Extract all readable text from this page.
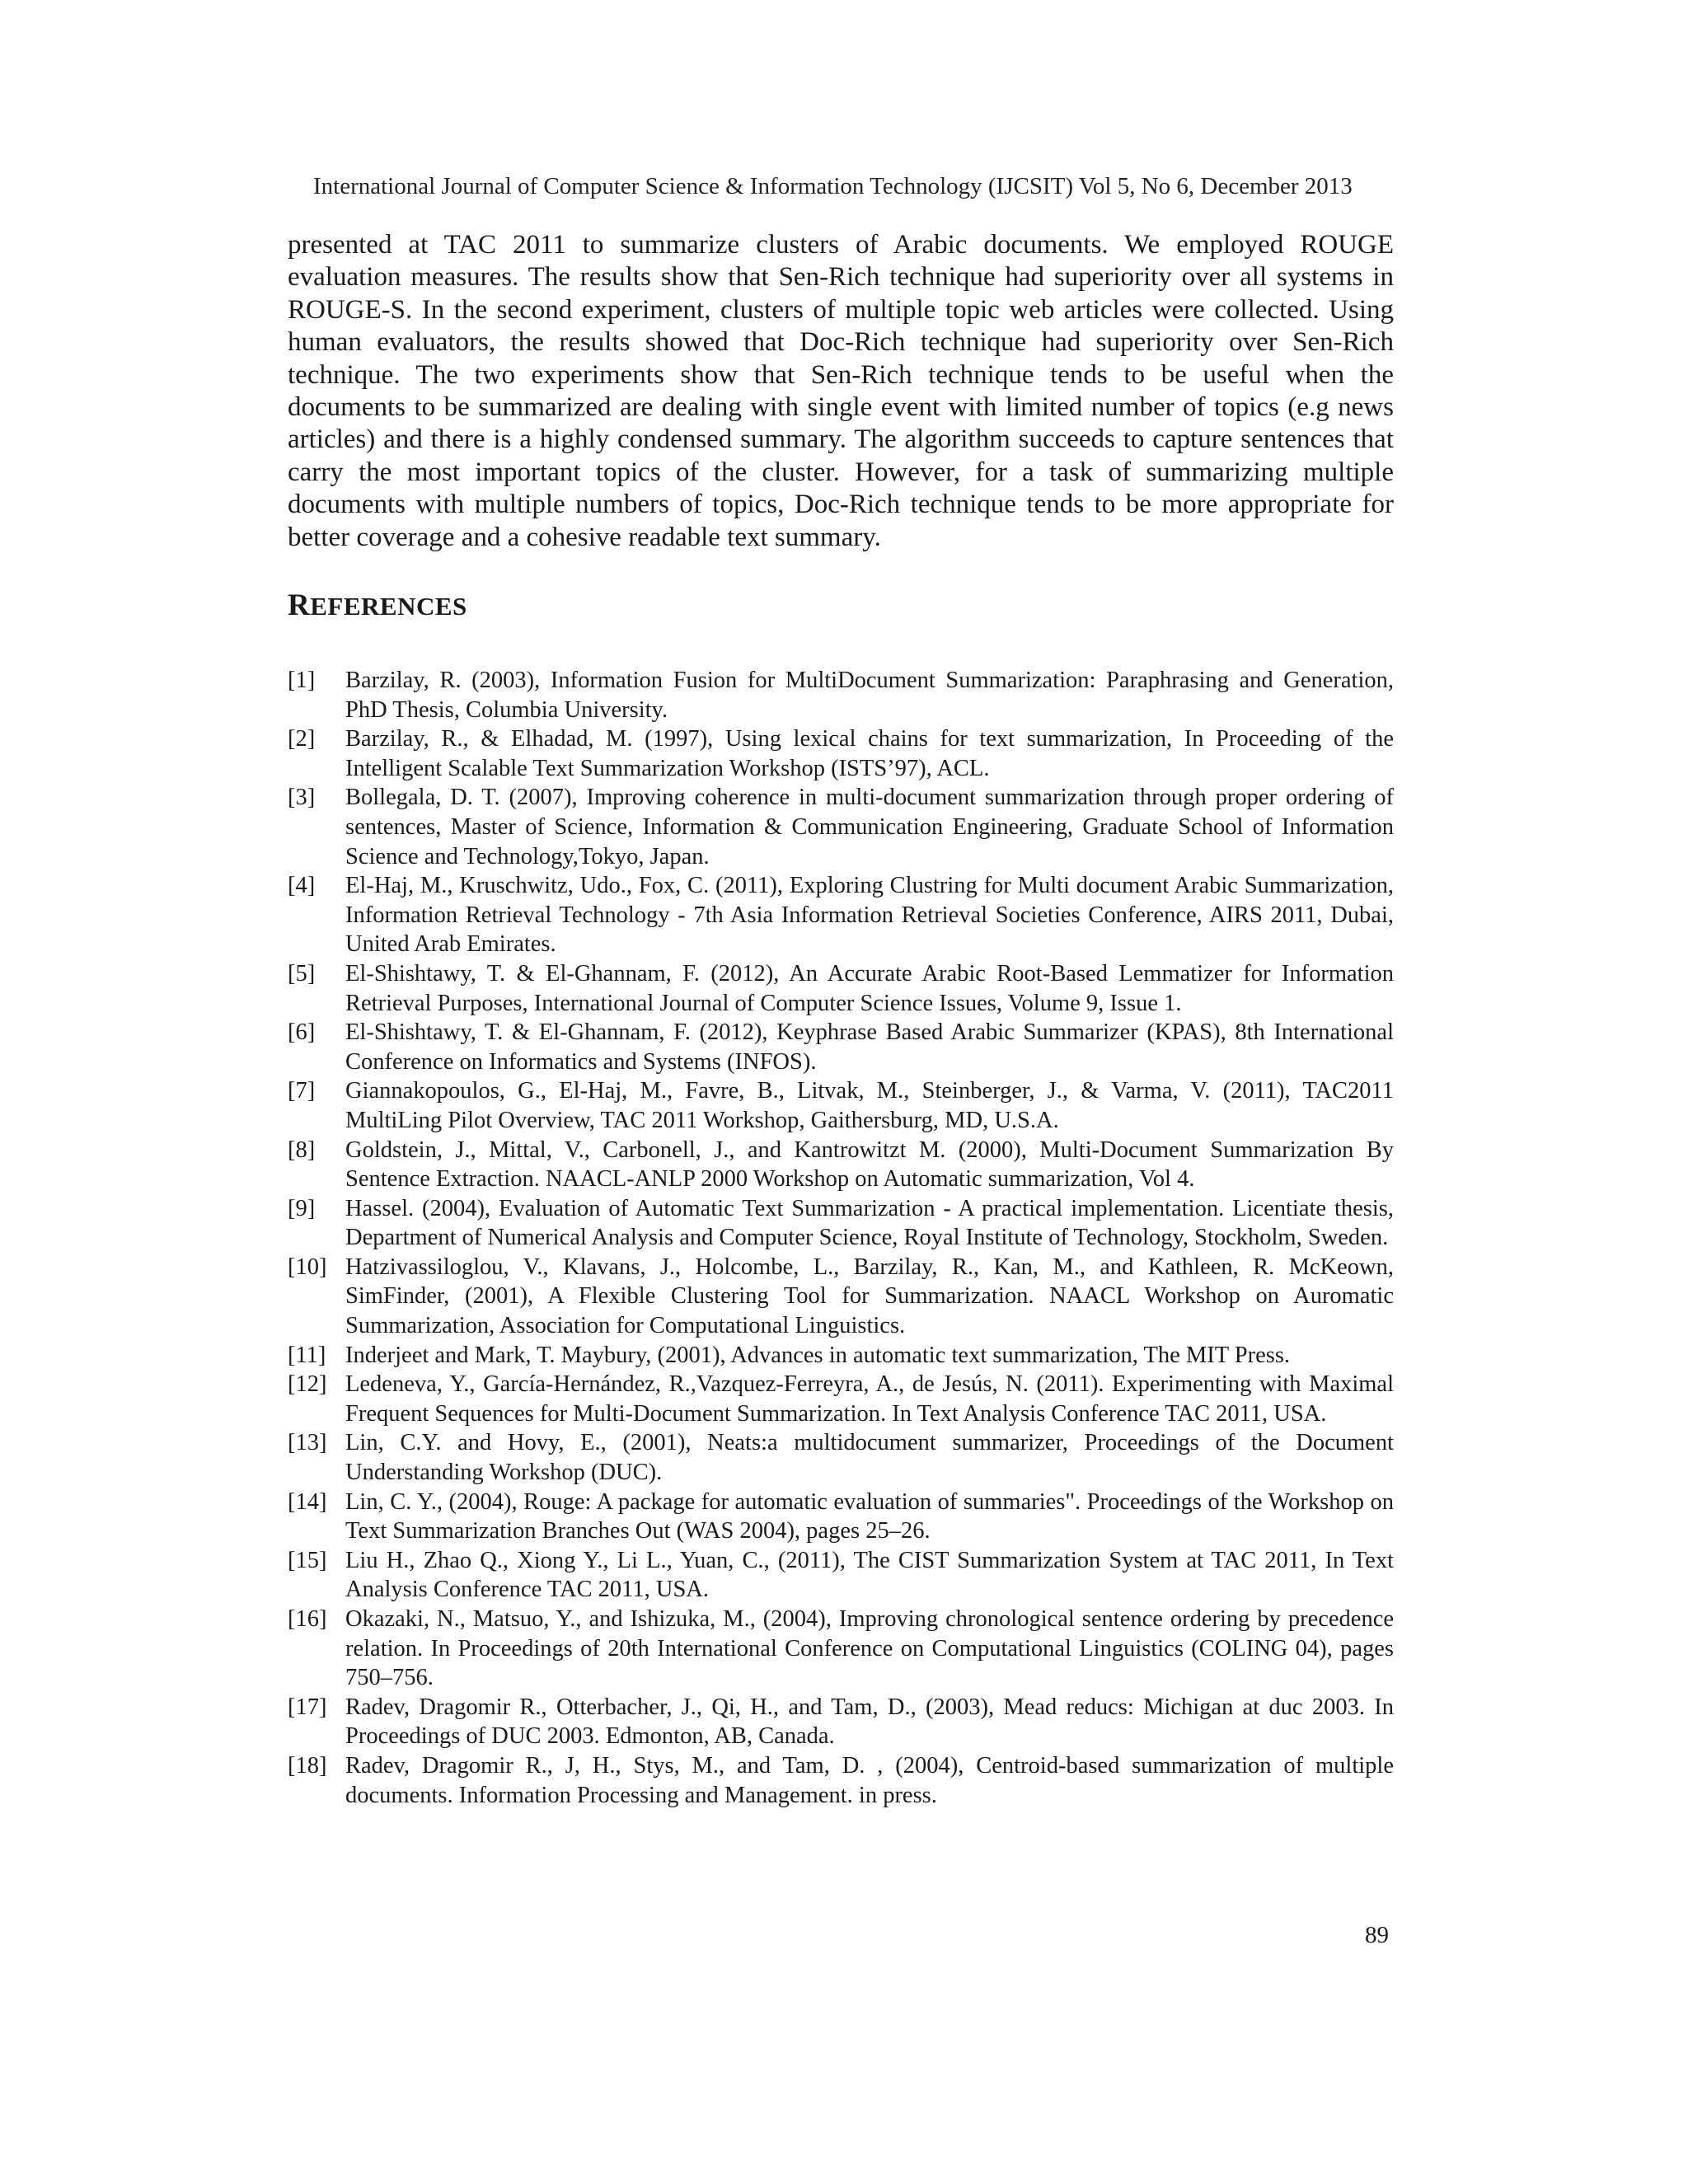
International Journal of Computer Science & Information Technology (IJCSIT) Vol 5, No 6, December 2013

presented at TAC 2011 to summarize clusters of Arabic documents. We employed ROUGE evaluation measures. The results show that Sen-Rich technique had superiority over all systems in ROUGE-S. In the second experiment, clusters of multiple topic web articles were collected. Using human evaluators, the results showed that Doc-Rich technique had superiority over Sen-Rich technique. The two experiments show that Sen-Rich technique tends to be useful when the documents to be summarized are dealing with single event with limited number of topics (e.g news articles) and there is a highly condensed summary. The algorithm succeeds to capture sentences that carry the most important topics of the cluster. However, for a task of summarizing multiple documents with multiple numbers of topics, Doc-Rich technique tends to be more appropriate for better coverage and a cohesive readable text summary.

REFERENCES
[1]	Barzilay, R. (2003), Information Fusion for MultiDocument Summarization: Paraphrasing and Generation, PhD Thesis, Columbia University.
[2]	Barzilay, R., & Elhadad, M. (1997), Using lexical chains for text summarization, In Proceeding of the Intelligent Scalable Text Summarization Workshop (ISTS’97), ACL.
[3]	Bollegala, D. T. (2007), Improving coherence in multi-document summarization through proper ordering of sentences, Master of Science, Information & Communication Engineering, Graduate School of Information Science and Technology,Tokyo, Japan.
[4]	El-Haj, M., Kruschwitz, Udo., Fox, C. (2011), Exploring Clustring for Multi document Arabic Summarization, Information Retrieval Technology - 7th Asia Information Retrieval Societies Conference, AIRS 2011, Dubai, United Arab Emirates.
[5]	El-Shishtawy, T. & El-Ghannam, F. (2012), An Accurate Arabic Root-Based Lemmatizer for Information Retrieval Purposes, International Journal of Computer Science Issues, Volume 9, Issue 1.
[6]	El-Shishtawy, T. & El-Ghannam, F. (2012), Keyphrase Based Arabic Summarizer (KPAS), 8th International Conference on Informatics and Systems (INFOS).
[7]	Giannakopoulos, G., El-Haj, M., Favre, B., Litvak, M., Steinberger, J., & Varma, V. (2011), TAC2011 MultiLing Pilot Overview, TAC 2011 Workshop, Gaithersburg, MD, U.S.A.
[8]	Goldstein, J., Mittal, V., Carbonell, J., and Kantrowitzt M. (2000), Multi-Document Summarization By Sentence Extraction. NAACL-ANLP 2000 Workshop on Automatic summarization, Vol 4.
[9]	Hassel. (2004), Evaluation of Automatic Text Summarization - A practical implementation. Licentiate thesis, Department of Numerical Analysis and Computer Science, Royal Institute of Technology, Stockholm, Sweden.
[10] Hatzivassiloglou, V., Klavans, J., Holcombe, L., Barzilay, R., Kan, M., and Kathleen, R. McKeown, SimFinder, (2001), A Flexible Clustering Tool for Summarization. NAACL Workshop on Auromatic Summarization, Association for Computational Linguistics.
[11] Inderjeet and Mark, T. Maybury, (2001), Advances in automatic text summarization, The MIT Press.
[12] Ledeneva, Y., García-Hernández, R.,Vazquez-Ferreyra, A., de Jesús, N. (2011). Experimenting with Maximal Frequent Sequences for Multi-Document Summarization. In Text Analysis Conference TAC 2011, USA.
[13] Lin, C.Y. and Hovy, E., (2001), Neats:a multidocument summarizer, Proceedings of the Document Understanding Workshop (DUC).
[14] Lin, C. Y., (2004), Rouge: A package for automatic evaluation of summaries". Proceedings of the Workshop on Text Summarization Branches Out (WAS 2004), pages 25–26.
[15] Liu H., Zhao Q., Xiong Y., Li L., Yuan, C., (2011), The CIST Summarization System at TAC 2011, In Text Analysis Conference TAC 2011, USA.
[16] Okazaki, N., Matsuo, Y., and Ishizuka, M., (2004), Improving chronological sentence ordering by precedence relation. In Proceedings of 20th International Conference on Computational Linguistics (COLING 04), pages 750–756.
[17] Radev, Dragomir R., Otterbacher, J., Qi, H., and Tam, D., (2003), Mead reducs: Michigan at duc 2003. In Proceedings of DUC 2003. Edmonton, AB, Canada.
[18] Radev, Dragomir R., J, H., Stys, M., and Tam, D. , (2004), Centroid-based summarization of multiple documents. Information Processing and Management. in press.
89
